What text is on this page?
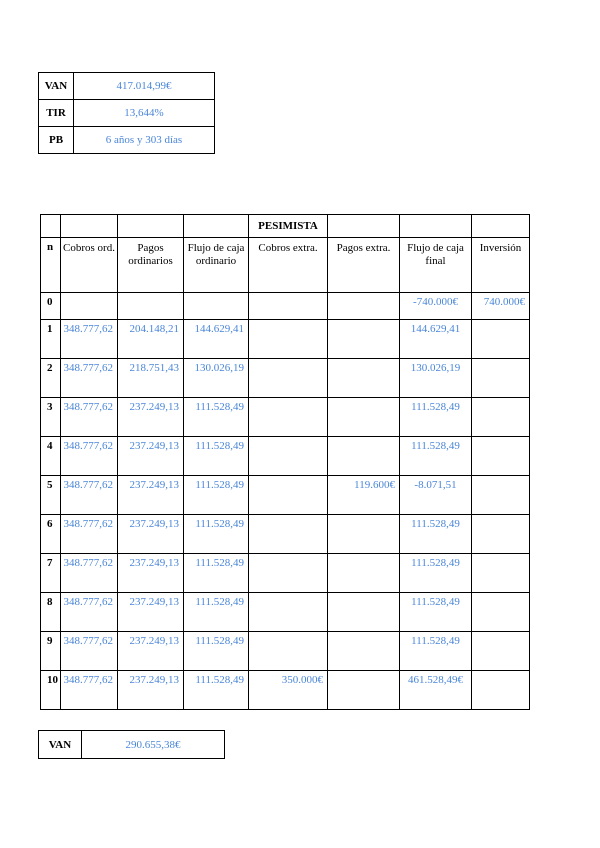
VAN	417.014,99€
TIR	13,644%
PB	6 años y 303 días
				PESIMISTA			
n	Cobros ord.	Pagos ordinarios	Flujo de caja ordinario	Cobros extra.	Pagos extra.	Flujo de caja final	Inversión
0						-740.000€	740.000€
1	348.777,62	204.148,21	144.629,41			144.629,41	
2	348.777,62	218.751,43	130.026,19			130.026,19	
3	348.777,62	237.249,13	111.528,49			111.528,49	
4	348.777,62	237.249,13	111.528,49			111.528,49	
5	348.777,62	237.249,13	111.528,49		119.600€	-8.071,51	
6	348.777,62	237.249,13	111.528,49			111.528,49	
7	348.777,62	237.249,13	111.528,49			111.528,49	
8	348.777,62	237.249,13	111.528,49			111.528,49	
9	348.777,62	237.249,13	111.528,49			111.528,49	
10	348.777,62	237.249,13	111.528,49	350.000€		461.528,49€	
VAN	290.655,38€
